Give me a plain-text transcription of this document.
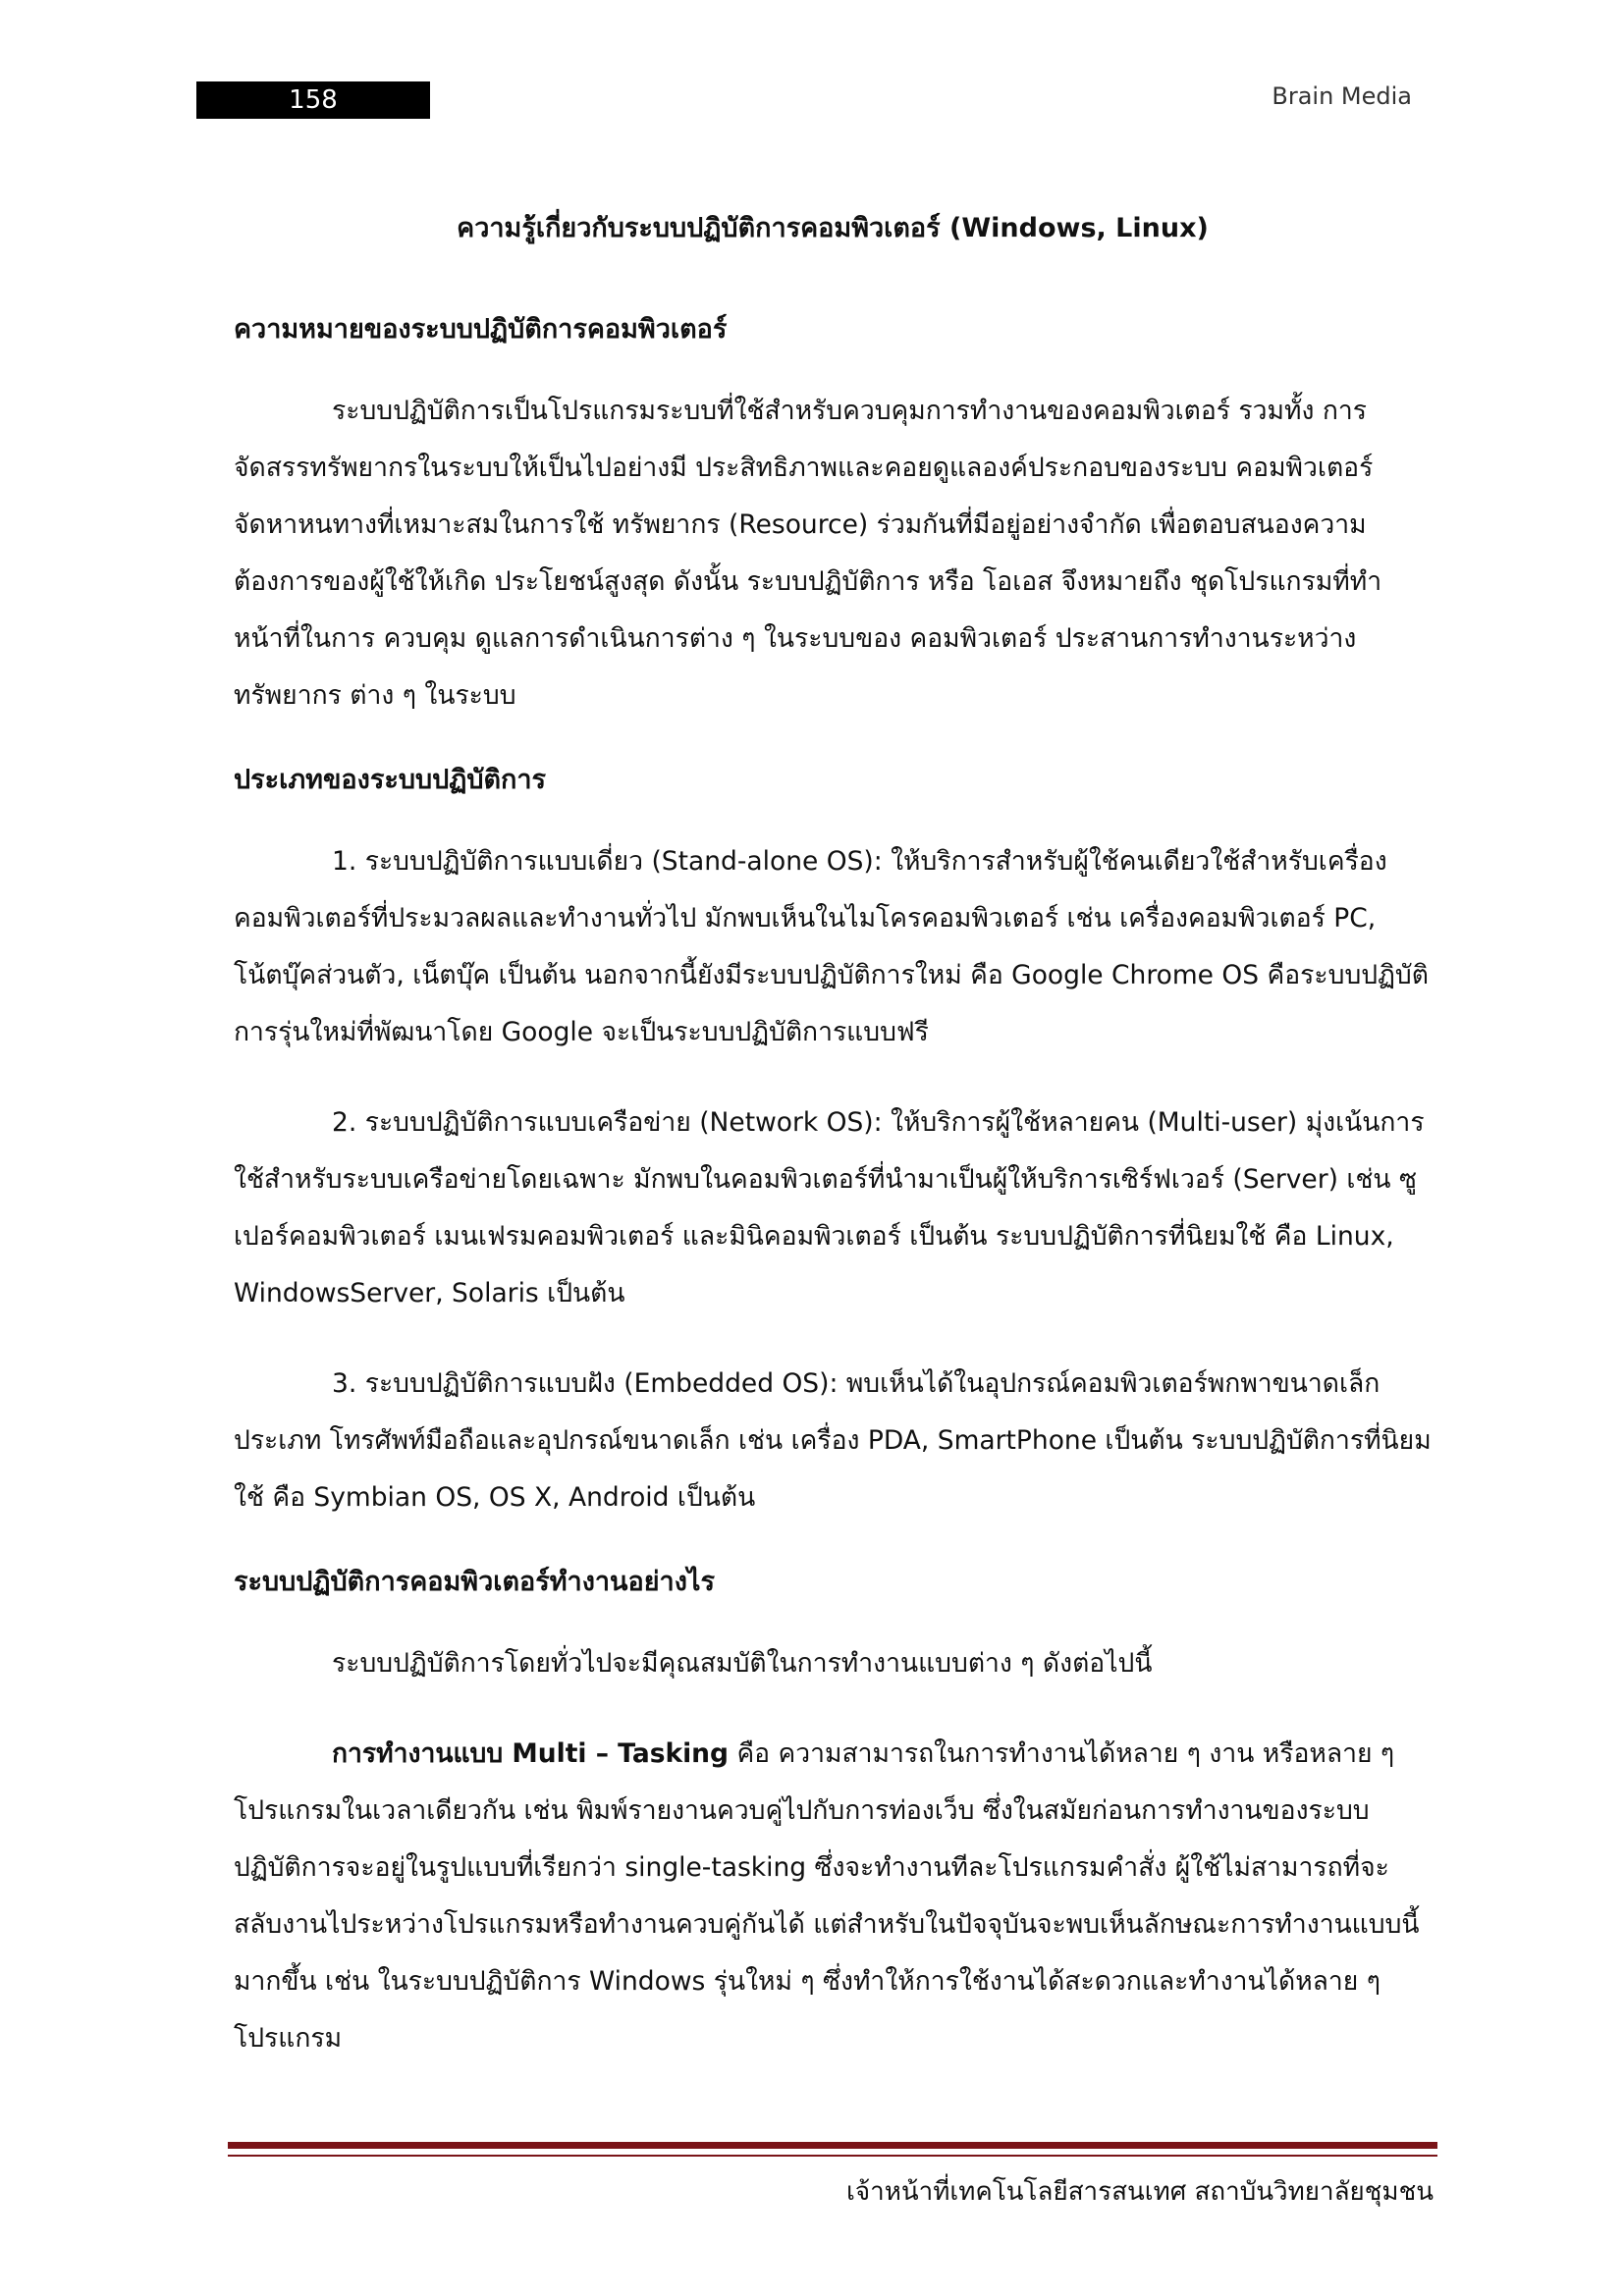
158	Brain Media
ความรู้เกี่ยวกับระบบปฏิบัติการคอมพิวเตอร์ (Windows, Linux)
ความหมายของระบบปฏิบัติการคอมพิวเตอร์

ระบบปฏิบัติการเป็นโปรแกรมระบบที่ใช้สำหรับควบคุมการทำงานของคอมพิวเตอร์ รวมทั้ง การจัดสรรทรัพยากรในระบบให้เป็นไปอย่างมี ประสิทธิภาพและคอยดูแลองค์ประกอบของระบบ คอมพิวเตอร์ จัดหาหนทางที่เหมาะสมในการใช้ ทรัพยากร (Resource) ร่วมกันที่มีอยู่อย่างจำกัด เพื่อตอบสนองความต้องการของผู้ใช้ให้เกิด ประโยชน์สูงสุด ดังนั้น ระบบปฏิบัติการ หรือ โอเอส จึงหมายถึง ชุดโปรแกรมที่ทำหน้าที่ในการ ควบคุม ดูแลการดำเนินการต่าง ๆ ในระบบของ คอมพิวเตอร์ ประสานการทำงานระหว่างทรัพยากร ต่าง ๆ ในระบบ

ประเภทของระบบปฏิบัติการ

1. ระบบปฏิบัติการแบบเดี่ยว (Stand-alone OS): ให้บริการสำหรับผู้ใช้คนเดียวใช้สำหรับเครื่องคอมพิวเตอร์ที่ประมวลผลและทำงานทั่วไป มักพบเห็นในไมโครคอมพิวเตอร์ เช่น เครื่องคอมพิวเตอร์ PC, โน้ตบุ๊คส่วนตัว, เน็ตบุ๊ค เป็นต้น นอกจากนี้ยังมีระบบปฏิบัติการใหม่ คือ Google Chrome OS คือระบบปฏิบัติการรุ่นใหม่ที่พัฒนาโดย Google จะเป็นระบบปฏิบัติการแบบฟรี

2. ระบบปฏิบัติการแบบเครือข่าย (Network OS): ให้บริการผู้ใช้หลายคน (Multi-user) มุ่งเน้นการใช้สำหรับระบบเครือข่ายโดยเฉพาะ มักพบในคอมพิวเตอร์ที่นำมาเป็นผู้ให้บริการเซิร์ฟเวอร์ (Server) เช่น ซูเปอร์คอมพิวเตอร์ เมนเฟรมคอมพิวเตอร์ และมินิคอมพิวเตอร์ เป็นต้น ระบบปฏิบัติการที่นิยมใช้ คือ Linux, WindowsServer, Solaris เป็นต้น

3. ระบบปฏิบัติการแบบฝัง (Embedded OS): พบเห็นได้ในอุปกรณ์คอมพิวเตอร์พกพาขนาดเล็กประเภท โทรศัพท์มือถือและอุปกรณ์ขนาดเล็ก เช่น เครื่อง PDA, SmartPhone เป็นต้น ระบบปฏิบัติการที่นิยมใช้ คือ Symbian OS, OS X, Android เป็นต้น

ระบบปฏิบัติการคอมพิวเตอร์ทำงานอย่างไร

ระบบปฏิบัติการโดยทั่วไปจะมีคุณสมบัติในการทำงานแบบต่าง ๆ ดังต่อไปนี้

การทำงานแบบ Multi – Tasking คือ ความสามารถในการทำงานได้หลาย ๆ งาน หรือหลาย ๆ โปรแกรมในเวลาเดียวกัน เช่น พิมพ์รายงานควบคู่ไปกับการท่องเว็บ ซึ่งในสมัยก่อนการทำงานของระบบปฏิบัติการจะอยู่ในรูปแบบที่เรียกว่า single-tasking ซึ่งจะทำงานทีละโปรแกรมคำสั่ง ผู้ใช้ไม่สามารถที่จะสลับงานไประหว่างโปรแกรมหรือทำงานควบคู่กันได้ แต่สำหรับในปัจจุบันจะพบเห็นลักษณะการทำงานแบบนี้มากขึ้น เช่น ในระบบปฏิบัติการ Windows รุ่นใหม่ ๆ ซึ่งทำให้การใช้งานได้สะดวกและทำงานได้หลาย ๆ โปรแกรม

เจ้าหน้าที่เทคโนโลยีสารสนเทศ สถาบันวิทยาลัยชุมชน
